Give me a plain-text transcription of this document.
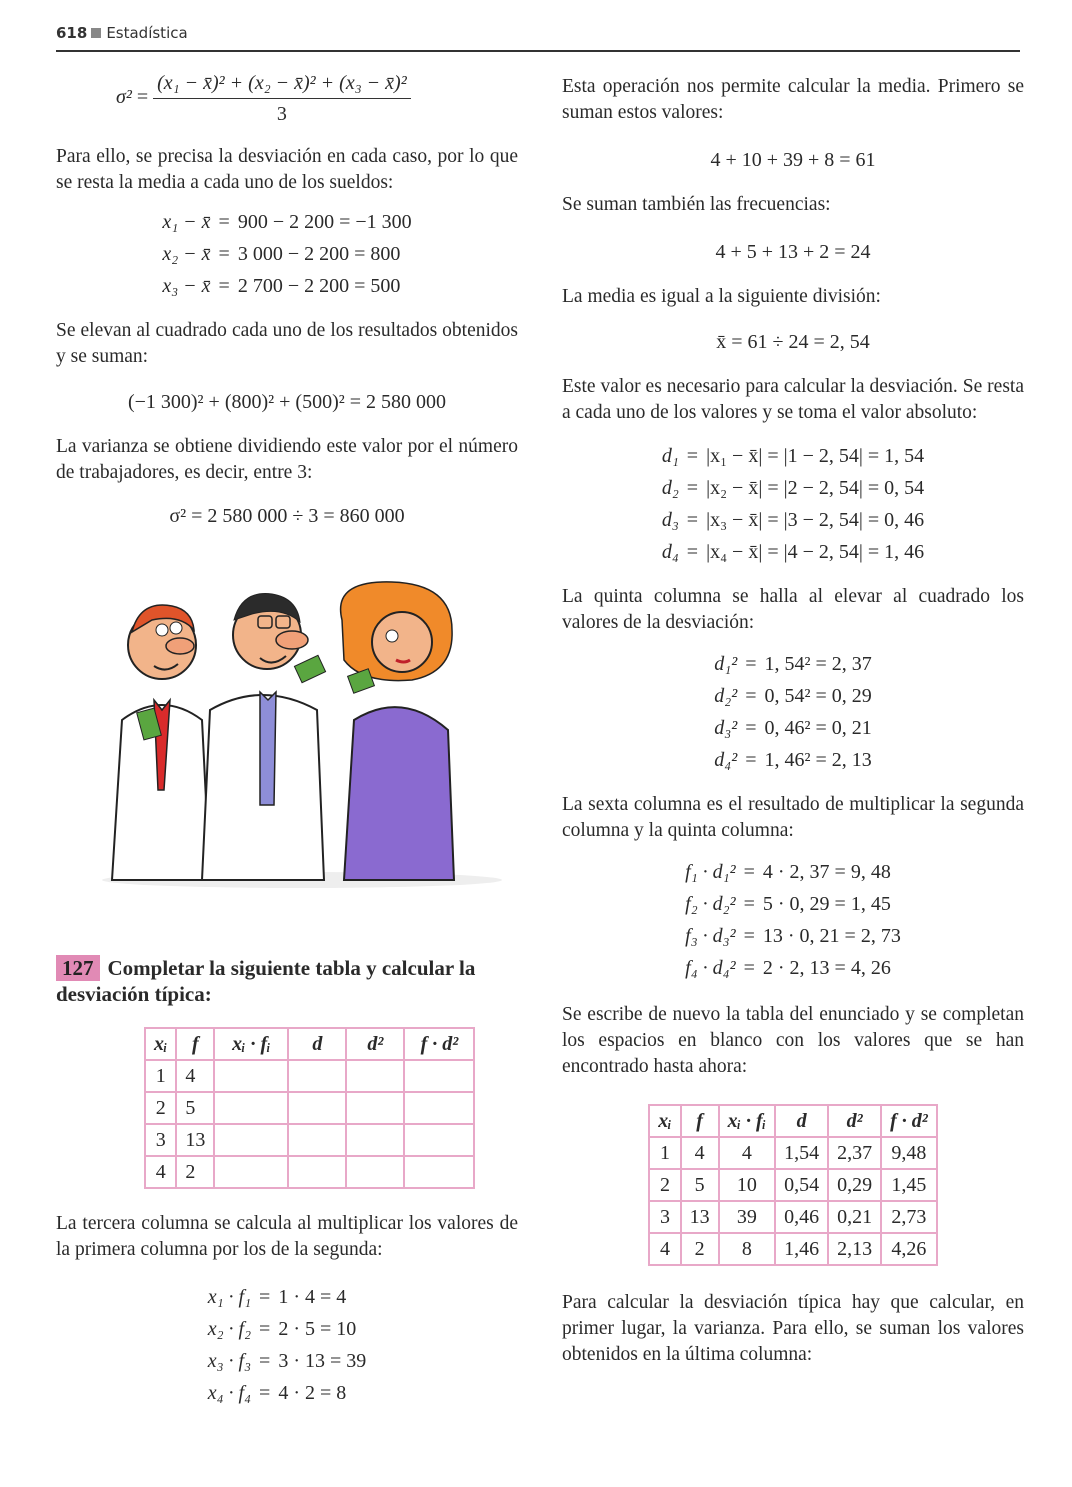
618 Estadística
$\sigma^2 = \frac{\text{(x₁ − x̄)² + (x₂ − x̄)² + (x₃ − x̄)²}}{3}$

Para ello, se precisa la desviación en cada caso, por lo que se resta la media a cada uno de los sueldos:

x₁ − x̄ = 900 − 2 200 = −1 300
x₂ − x̄ = 3 000 − 2 200 = 800
x₃ − x̄ = 2 700 − 2 200 = 500

Se elevan al cuadrado cada uno de los resultados obtenidos y se suman:

(−1 300)² + (800)² + (500)² = 2 580 000

La varianza se obtiene dividiendo este valor por el número de trabajadores, es decir, entre 3:

σ² = 2 580 000 ÷ 3 = 860 000
127 Completar la siguiente tabla y calcular la desviación típica:
xᵢ	f	xᵢ · fᵢ	d	d²	f · d²
1	4				
2	5				
3	13				
4	2				

La tercera columna se calcula al multiplicar los valores de la primera columna por los de la segunda:

x₁ · f₁ = 1 · 4 = 4
x₂ · f₂ = 2 · 5 = 10
x₃ · f₃ = 3 · 13 = 39
x₄ · f₄ = 4 · 2 = 8

Esta operación nos permite calcular la media. Primero se suman estos valores:

4 + 10 + 39 + 8 = 61

Se suman también las frecuencias:

4 + 5 + 13 + 2 = 24

La media es igual a la siguiente división:

x̄ = 61 ÷ 24 = 2, 54

Este valor es necesario para calcular la desviación. Se resta a cada uno de los valores y se toma el valor absoluto:

d₁ = |x₁ − x̄| = |1 − 2, 54| = 1, 54
d₂ = |x₂ − x̄| = |2 − 2, 54| = 0, 54
d₃ = |x₃ − x̄| = |3 − 2, 54| = 0, 46
d₄ = |x₄ − x̄| = |4 − 2, 54| = 1, 46

La quinta columna se halla al elevar al cuadrado los valores de la desviación:

d₁² = 1, 54² = 2, 37
d₂² = 0, 54² = 0, 29
d₃² = 0, 46² = 0, 21
d₄² = 1, 46² = 2, 13

La sexta columna es el resultado de multiplicar la segunda columna y la quinta columna:

f₁ · d₁² = 4 · 2, 37 = 9, 48
f₂ · d₂² = 5 · 0, 29 = 1, 45
f₃ · d₃² = 13 · 0, 21 = 2, 73
f₄ · d₄² = 2 · 2, 13 = 4, 26

Se escribe de nuevo la tabla del enunciado y se completan los espacios en blanco con los valores que se han encontrado hasta ahora:

xᵢ	f	xᵢ · fᵢ	d	d²	f · d²
1	4	4	1,54	2,37	9,48
2	5	10	0,54	0,29	1,45
3	13	39	0,46	0,21	2,73
4	2	8	1,46	2,13	4,26

Para calcular la desviación típica hay que calcular, en primer lugar, la varianza. Para ello, se suman los valores obtenidos en la última columna:
